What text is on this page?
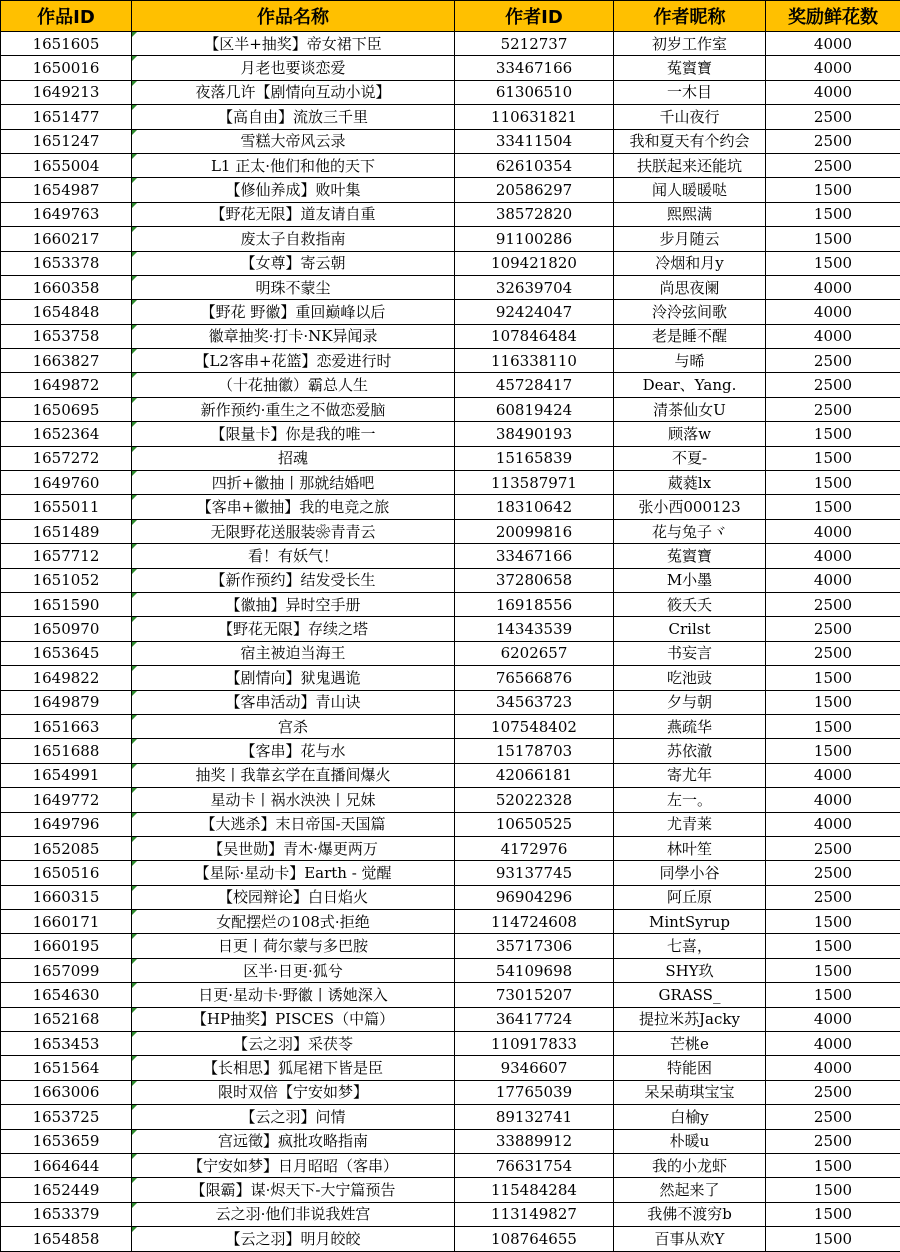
作品ID	作品名称	作者ID	作者昵称	奖励鲜花数
1651605	【区半+抽奖】帝女裙下臣	5212737	初岁工作室	4000
1650016	月老也要谈恋爱	33467166	菟賨寶	4000
1649213	夜落几许【剧情向互动小说】	61306510	一木目	4000
1651477	【高自由】流放三千里	110631821	千山夜行	2500
1651247	雪糕大帝风云录	33411504	我和夏天有个约会	2500
1655004	L1 正太·他们和他的天下	62610354	扶朕起来还能坑	2500
1654987	【修仙养成】败叶集	20586297	闻人暖暖哒	1500
1649763	【野花无限】道友请自重	38572820	熙熙满	1500
1660217	废太子自救指南	91100286	步月随云	1500
1653378	【女尊】寄云朝	109421820	冷烟和月y	1500
1660358	明珠不蒙尘	32639704	尚思夜阑	4000
1654848	【野花 野徽】重回巅峰以后	92424047	泠泠弦间歌	4000
1653758	徽章抽奖·打卡·NK异闻录	107846484	老是睡不醒	4000
1663827	【L2客串+花篮】恋爱进行时	116338110	与晞	2500
1649872	（十花抽徽）霸总人生	45728417	Dear、Yang.	2500
1650695	新作预约·重生之不做恋爱脑	60819424	清茶仙女U	2500
1652364	【限量卡】你是我的唯一	38490193	顾落w	1500
1657272	招魂	15165839	不夏-	1500
1649760	四折+徽抽丨那就结婚吧	113587971	葳蕤lx	1500
1655011	【客串+徽抽】我的电竞之旅	18310642	张小西000123	1500
1651489	无限野花送服装❀青青云	20099816	花与兔子ヾ	4000
1657712	看！有妖气！	33467166	菟賨寶	4000
1651052	【新作预约】结发受长生	37280658	M小墨	4000
1651590	【徽抽】异时空手册	16918556	筱夭夭	2500
1650970	【野花无限】存续之塔	14343539	Crilst	2500
1653645	宿主被迫当海王	6202657	书妄言	2500
1649822	【剧情向】狱鬼遇诡	76566876	吃池豉	1500
1649879	【客串活动】青山诀	34563723	夕与朝	1500
1651663	宫杀	107548402	燕疏华	1500
1651688	【客串】花与水	15178703	苏依澈	1500
1654991	抽奖丨我靠玄学在直播间爆火	42066181	寄尤年	4000
1649772	星动卡丨祸水泱泱丨兄妹	52022328	左一。	4000
1649796	【大逃杀】末日帝国-天国篇	10650525	尤青莱	4000
1652085	【吴世勋】青木·爆更两万	4172976	林叶笙	2500
1650516	【星际·星动卡】Earth - 觉醒	93137745	同學小谷	2500
1660315	【校园辩论】白日焰火	96904296	阿丘原	2500
1660171	女配摆烂の108式·拒绝	114724608	MintSyrup	1500
1660195	日更丨荷尔蒙与多巴胺	35717306	七喜，	1500
1657099	区半·日更·狐兮	54109698	SHY玖	1500
1654630	日更·星动卡·野徽丨诱她深入	73015207	GRASS_	1500
1652168	【HP抽奖】PISCES（中篇）	36417724	提拉米苏Jacky	4000
1653453	【云之羽】采茯苓	110917833	芒桃e	4000
1651564	【长相思】狐尾裙下皆是臣	9346607	特能困	4000
1663006	限时双倍【宁安如梦】	17765039	呆呆萌琪宝宝	2500
1653725	【云之羽】问情	89132741	白榆y	2500
1653659	宫远徵】疯批攻略指南	33889912	朴暖u	2500
1664644	【宁安如梦】日月昭昭（客串）	76631754	我的小龙虾	1500
1652449	【限霸】谋·烬天下-大宁篇预告	115484284	然起来了	1500
1653379	云之羽·他们非说我姓宫	113149827	我佛不渡穷b	1500
1654858	【云之羽】明月皎皎	108764655	百事从欢Y	1500
